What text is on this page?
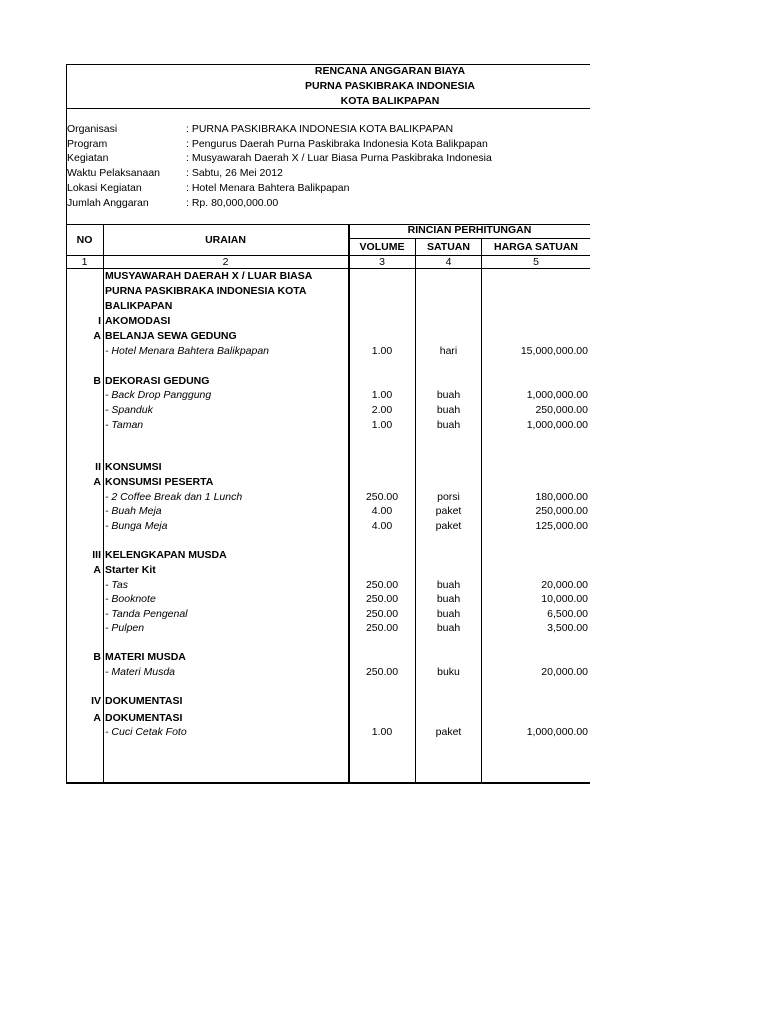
RENCANA ANGGARAN BIAYA
PURNA PASKIBRAKA INDONESIA
KOTA BALIKPAPAN
Organisasi	: PURNA PASKIBRAKA INDONESIA KOTA BALIKPAPAN
Program	: Pengurus Daerah Purna Paskibraka Indonesia Kota Balikpapan
Kegiatan	: Musyawarah Daerah X / Luar Biasa Purna Paskibraka Indonesia
Waktu Pelaksanaan : Sabtu, 26 Mei 2012
Lokasi Kegiatan	: Hotel Menara Bahtera Balikpapan
Jumlah Anggaran	: Rp. 80,000,000.00
NO	URAIAN
RINCIAN PERHITUNGAN
VOLUME	SATUAN	HARGA SATUAN
1	2	3	4	5
MUSYAWARAH DAERAH X / LUAR BIASA
PURNA PASKIBRAKA INDONESIA KOTA
BALIKPAPAN
I AKOMODASI
A BELANJA SEWA GEDUNG
- Hotel Menara Bahtera Balikpapan	1.00	hari	15,000,000.00
B DEKORASI GEDUNG
- Back Drop Panggung	1.00	buah	1,000,000.00
- Spanduk	2.00	buah	250,000.00
- Taman	1.00	buah	1,000,000.00
II KONSUMSI
A KONSUMSI PESERTA
- 2 Coffee Break dan 1 Lunch	250.00	porsi	180,000.00
- Buah Meja	4.00	paket	250,000.00
- Bunga Meja	4.00	paket	125,000.00
III KELENGKAPAN MUSDA
A Starter Kit
- Tas	250.00	buah	20,000.00
- Booknote	250.00	buah	10,000.00
- Tanda Pengenal	250.00	buah	6,500.00
- Pulpen	250.00	buah	3,500.00
B MATERI MUSDA
- Materi Musda	250.00	buku	20,000.00
IV DOKUMENTASI
A DOKUMENTASI
- Cuci Cetak Foto	1.00	paket	1,000,000.00
